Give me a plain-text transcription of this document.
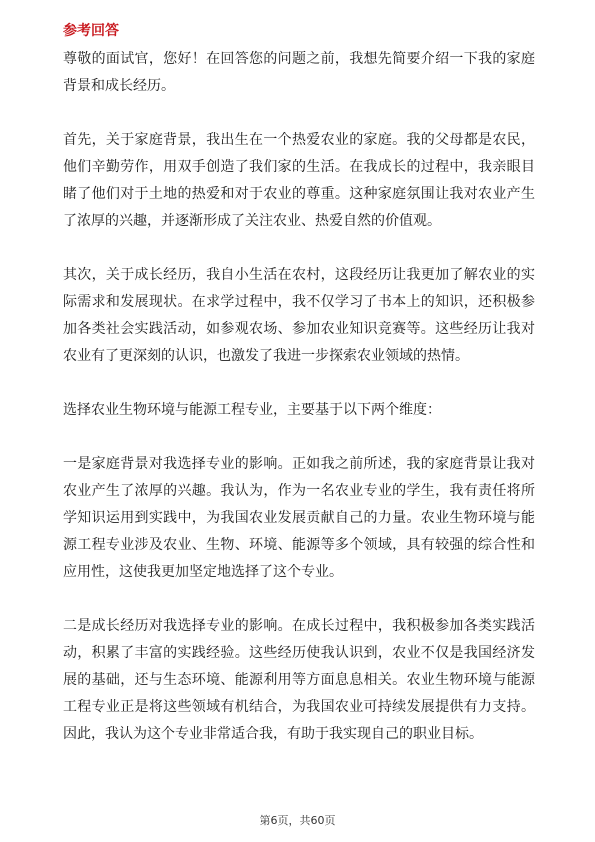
参考回答

尊敬的面试官，您好！在回答您的问题之前，我想先简要介绍一下我的家庭背景和成长经历。

首先，关于家庭背景，我出生在一个热爱农业的家庭。我的父母都是农民，他们辛勤劳作，用双手创造了我们家的生活。在我成长的过程中，我亲眼目睹了他们对于土地的热爱和对于农业的尊重。这种家庭氛围让我对农业产生了浓厚的兴趣，并逐渐形成了关注农业、热爱自然的价值观。

其次，关于成长经历，我自小生活在农村，这段经历让我更加了解农业的实际需求和发展现状。在求学过程中，我不仅学习了书本上的知识，还积极参加各类社会实践活动，如参观农场、参加农业知识竞赛等。这些经历让我对农业有了更深刻的认识，也激发了我进一步探索农业领域的热情。

选择农业生物环境与能源工程专业，主要基于以下两个维度：

一是家庭背景对我选择专业的影响。正如我之前所述，我的家庭背景让我对农业产生了浓厚的兴趣。我认为，作为一名农业专业的学生，我有责任将所学知识运用到实践中，为我国农业发展贡献自己的力量。农业生物环境与能源工程专业涉及农业、生物、环境、能源等多个领域，具有较强的综合性和应用性，这使我更加坚定地选择了这个专业。

二是成长经历对我选择专业的影响。在成长过程中，我积极参加各类实践活动，积累了丰富的实践经验。这些经历使我认识到，农业不仅是我国经济发展的基础，还与生态环境、能源利用等方面息息相关。农业生物环境与能源工程专业正是将这些领域有机结合，为我国农业可持续发展提供有力支持。因此，我认为这个专业非常适合我，有助于我实现自己的职业目标。

第6页，共60页
